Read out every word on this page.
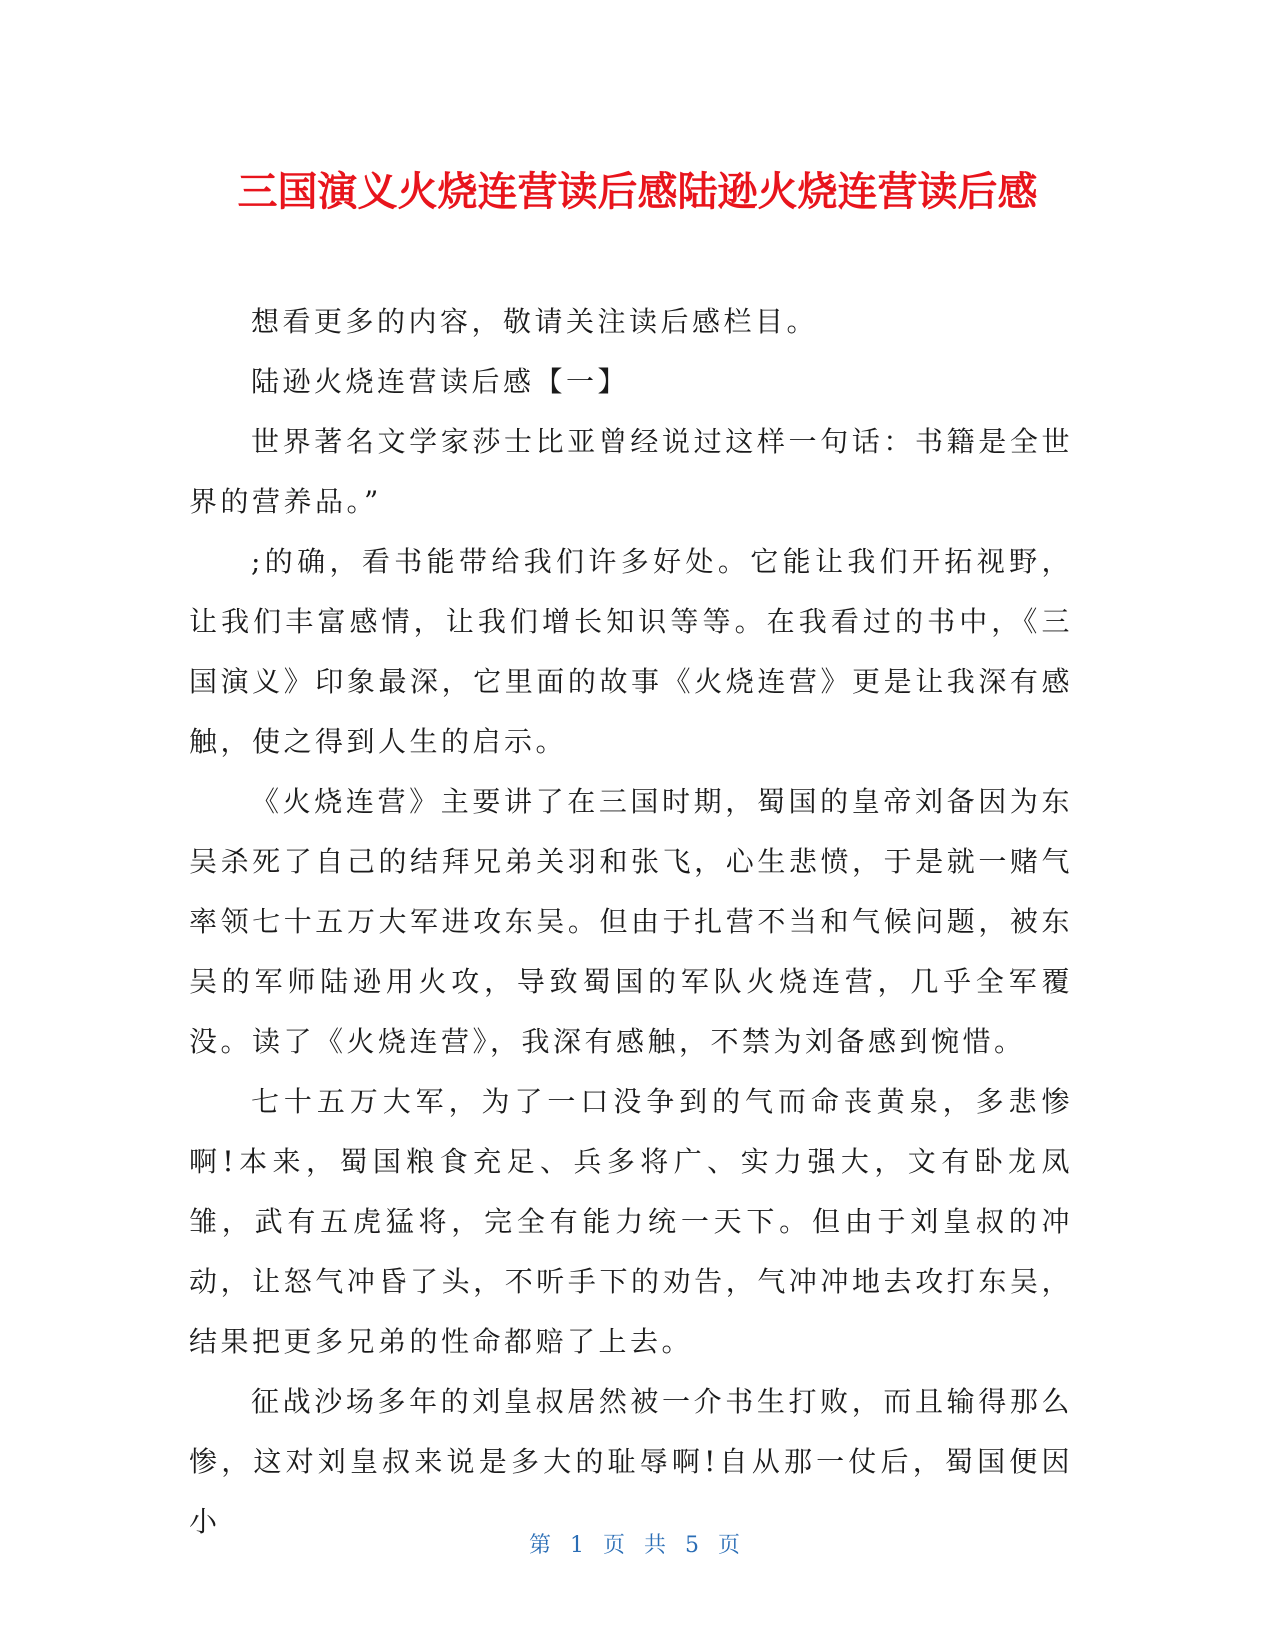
三国演义火烧连营读后感陆逊火烧连营读后感

想看更多的内容，敬请关注读后感栏目。

陆逊火烧连营读后感【一】

世界著名文学家莎士比亚曾经说过这样一句话：书籍是全世界的营养品。”

;的确，看书能带给我们许多好处。它能让我们开拓视野，让我们丰富感情，让我们增长知识等等。在我看过的书中，《三国演义》印象最深，它里面的故事《火烧连营》更是让我深有感触，使之得到人生的启示。

《火烧连营》主要讲了在三国时期，蜀国的皇帝刘备因为东吴杀死了自己的结拜兄弟关羽和张飞，心生悲愤，于是就一赌气率领七十五万大军进攻东吴。但由于扎营不当和气候问题，被东吴的军师陆逊用火攻，导致蜀国的军队火烧连营，几乎全军覆没。读了《火烧连营》，我深有感触，不禁为刘备感到惋惜。

七十五万大军，为了一口没争到的气而命丧黄泉，多悲惨啊!本来，蜀国粮食充足、兵多将广、实力强大，文有卧龙凤雏，武有五虎猛将，完全有能力统一天下。但由于刘皇叔的冲动，让怒气冲昏了头，不听手下的劝告，气冲冲地去攻打东吴，结果把更多兄弟的性命都赔了上去。

征战沙场多年的刘皇叔居然被一介书生打败，而且输得那么惨，这对刘皇叔来说是多大的耻辱啊!自从那一仗后，蜀国便因小

第 1 页 共 5 页
